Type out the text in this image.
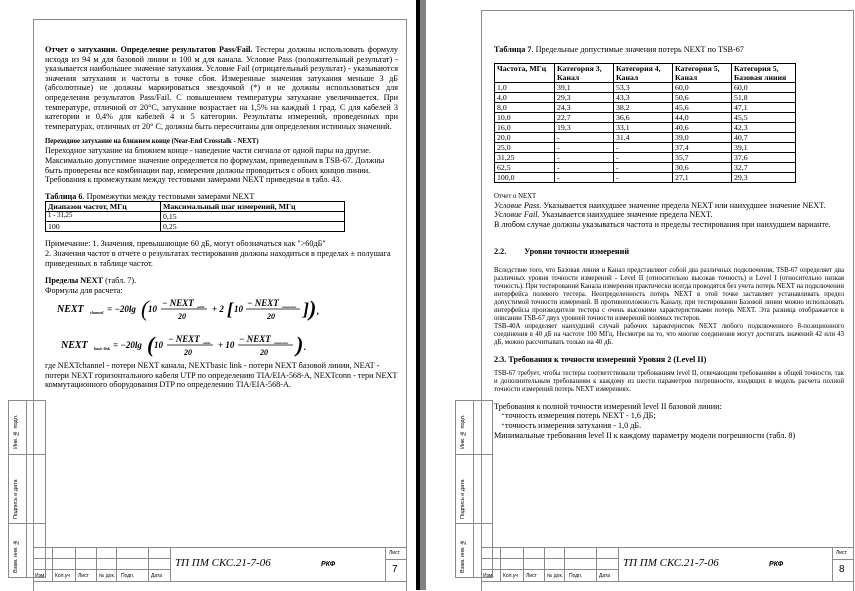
Отчет о затухании. Определение результатов Pass/Fail. Тестеры должны использовать формулу исходя из 94 м для базовой линии и 100 м для канала. Условие Pass (положительный результат) - указывается наибольшее значение затухания. Условие Fail (отрицательный результат) - указываются значения затухания и частоты в точке сбоя. Измеренные значения затухания меньше 3 дБ (абсолютные) не должны маркироваться звездочкой (*) и не должны использоваться для определения результатов Pass/Fail. С повышением температуры затухание увеличивается. При температуре, отличной от 20°С, затухание возрастает на 1,5% на каждый 1 град. С для кабелей 3 категории и 0,4% для кабелей 4 и 5 категории. Результаты измерений, проведенных при температурах, отличных от 20° С, должны быть пересчитаны для определения истинных значений.

Переходное затухание на ближнем конце (Near-End Crosstalk - NEXT)

Переходное затухание на ближнем конце - наведение части сигнала от одной пары на другие. Максимально допустимое значение определяется по формулам, приведенным в TSB-67. Должны быть проверены все комбинации пар, измерения должны проводиться с обоих концов линии. Требования к промежуткам между тестовыми замерами NEXT приведены в табл. 43.

Таблица 6. Промежутки между тестовыми замерами NEXT

Диапазон частот, МГц	Максимальный шаг измерений, МГц
1 - 31,25	0,15
100	0,25

Примечание: 1. Значения, превышающие 60 дБ, могут обозначаться как ">60дБ"

2. Значения частот в отчете о результатах тестирования должны находиться в пределах ± полушага приведенных в таблице частот.

Пределы NEXT (табл. 7).

Формулы для расчета:

NEXT channel = −20lg ( 10
− NEXT cable
20
+ 2 [ 10
− NEXT connector
20 ] ) ,
NEXT basic link = −20lg ( 10
− NEXT cable
20
+ 10
− NEXT connector
20 ) .

где NEXTchannel - потери NEXT канала, NEXTbasic link - потери NEXT базовой линии, NEAT - потери NEXT горизонтального кабеля UTP по определению TIA/EIA-568-A, NEXTconn - тери NEXT коммутационного оборудования DTP по определению TIA/EIA-568-A.

Инв. № подл.
Подпись и дата
Взам. инв. №
Изм. Кол.уч Лист № док. Подп.	Дата
ТП ПМ СКС.21-7-06	РКФ
Лист
7

Таблица 7. Предельные допустимые значения потерь NEXT по TSB-67

Частота, МГц	Категория 3, Канал	Категория 4, Канал	Категория 5, Канал	Категория 5, Базовая линия
1,0	39,1	53,3	60,0	60,0
4,0	29,3	43,3	50,6	51,8
8,0	24,3	38,2	45,6	47,1
10,0	22,7	36,6	44,0	45,5
16,0	19,3	33,1	40,6	42,3
20,0	-	31,4	39,0	40,7
25,0	-	-	37,4	39,1
31,25	-	-	35,7	37,6
62,5	-	-	30,6	32,7
100,0	-	-	27,1	29,3

Отчет о NEXT

Условие Pass. Указывается наихудшее значение предела NEXT или наихудшее значение NEXT.

Условие Fail. Указывается наихудшее значение предела NEXT.

В любом случае должны указываться частота и пределы тестирования при наихудшем варианте.

2.2. Уровни точности измерений

Вследствие того, что Базовая линия и Канал представляют собой два различных подключения, TSB-67 определяет два различных уровня точности измерений - Level II (относительно высокая точность) и Level I (относительно низкая точность). При тестировании Канала измерения практически всегда проводятся без учета потерь NEXT на подключении интерфейса полевого тестера. Неопределенность потерь NEXT в этой точке заставляет устанавливать предел допустимой точности измерений. В противоположность Каналу, при тестировании Базовой линии можно использовать интерфейсы производителя тестера с очень высокими характеристиками потерь NEXT. Эта разница отображается в описании TSB-67 двух уровней точности измерений полевых тестеров.

TSB-40A определяет наихудший случай рабочих характеристик NEXT любого подключенного 8-позиционного соединения в 40 дБ на частоте 100 МГц. Несмотря на то, что многие соединения могут достигать значений 42 или 43 дБ, можно рассчитывать только на 40 дБ.

2.3. Требования к точности измерений Уровня 2 (Level II)

TSB-67 требует, чтобы тестеры соответствовали требованиям level II, отвечающим требованиям к общей точности, так и дополнительным требованиям к каждому из шести параметров погрешности, входящих в модель расчета полной точности измерений потерь NEXT измерениях.

Требования к полной точности измерений level II базовой линии:

▪ точность измерения потерь NEXT - 1,6 ДБ;
▪ точность измерения затухания - 1,0 дБ.

Минимальные требования level II к каждому параметру модели погрешности (табл. 8)

Инв. № подл.
Подпись и дата
Взам. инв. №
Изм. Кол.уч Лист № док. Подп.	Дата
ТП ПМ СКС.21-7-06	РКФ
Лист
8
